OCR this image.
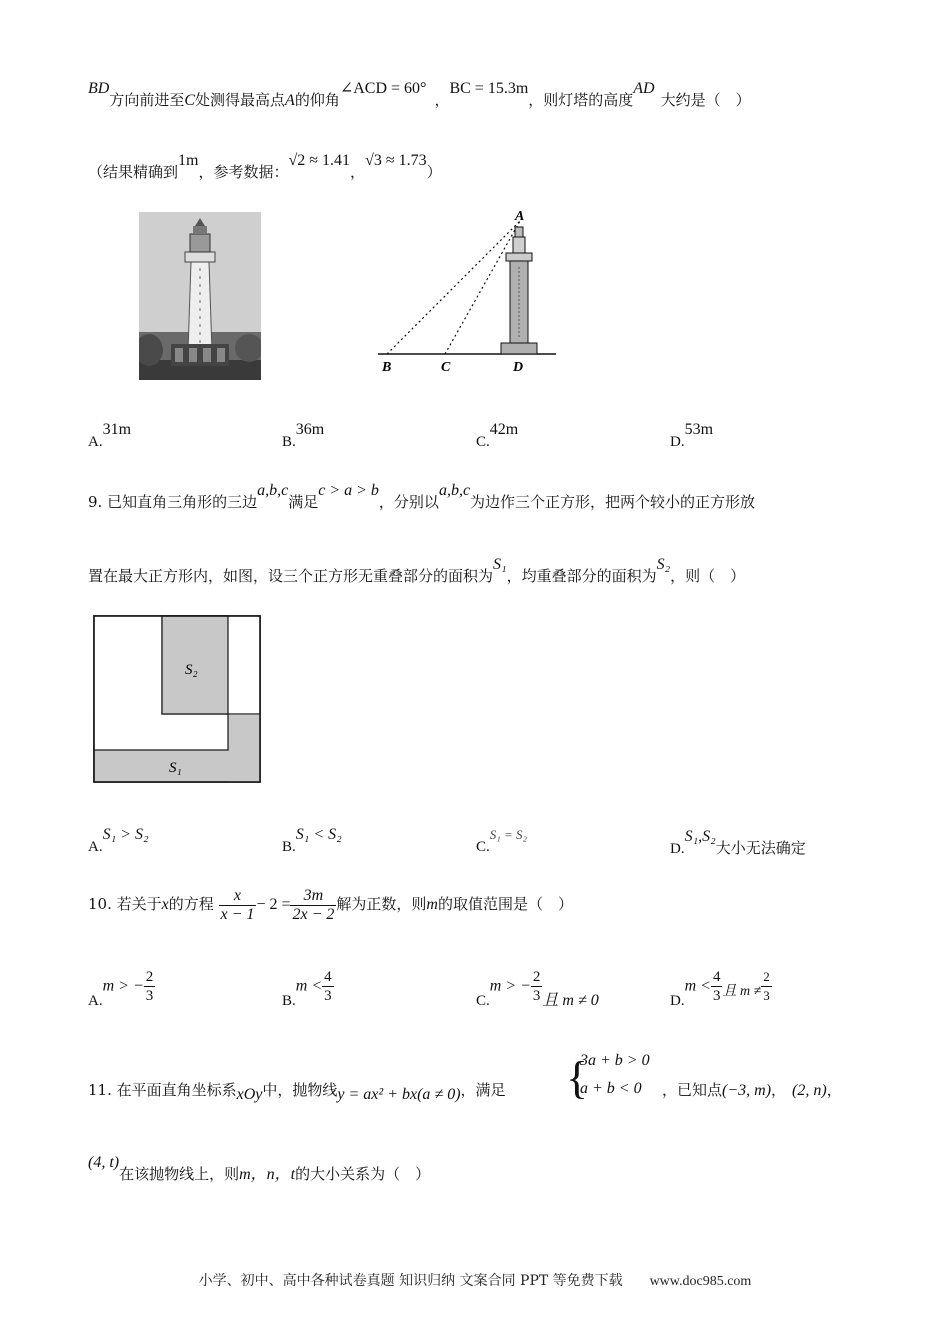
BD方向前进至C处测得最高点A的仰角∠ACD = 60°，BC = 15.3m，则灯塔的高度AD大约是（　）
（结果精确到1m，参考数据：√2 ≈ 1.41，√3 ≈ 1.73）
A
B	C	D
A.31m
B.36m
C.42m
D.53m
9. 已知直角三角形的三边a,b,c满足c > a > b，分别以a,b,c为边作三个正方形，把两个较小的正方形放
置在最大正方形内，如图，设三个正方形无重叠部分的面积为S₁，均重叠部分的面积为S₂，则（　）
S₂
S₁
A.S₁ > S₂
B.S₁ < S₂
C.S₁ = S₂
D.S₁,S₂大小无法确定
10. 若关于x的方程 $\frac{x}{x - 1} - 2 = \frac{3m}{2x - 2}$ 解为正数，则m的取值范围是（　）
A.m > − $\frac{2}{3}$	$B.m < \frac{4}{3}$	C.m > − $\frac{2}{3}$ 且 m ≠ 0	$D.m < \frac{4}{3}$ 且 $m \ne \frac{2}{3}$
11. 在平面直角坐标系xOy中，抛物线y = ax² + bx(a ≠ 0)，满足 {
3a + b > 0
a + b < 0 ，已知点(−3, m)， (2, n)，
(4, t)在该抛物线上，则m，n，t的大小关系为（　）
小学、初中、高中各种试卷真题 知识归纳 文案合同 PPT 等免费下载 www.doc985.com
